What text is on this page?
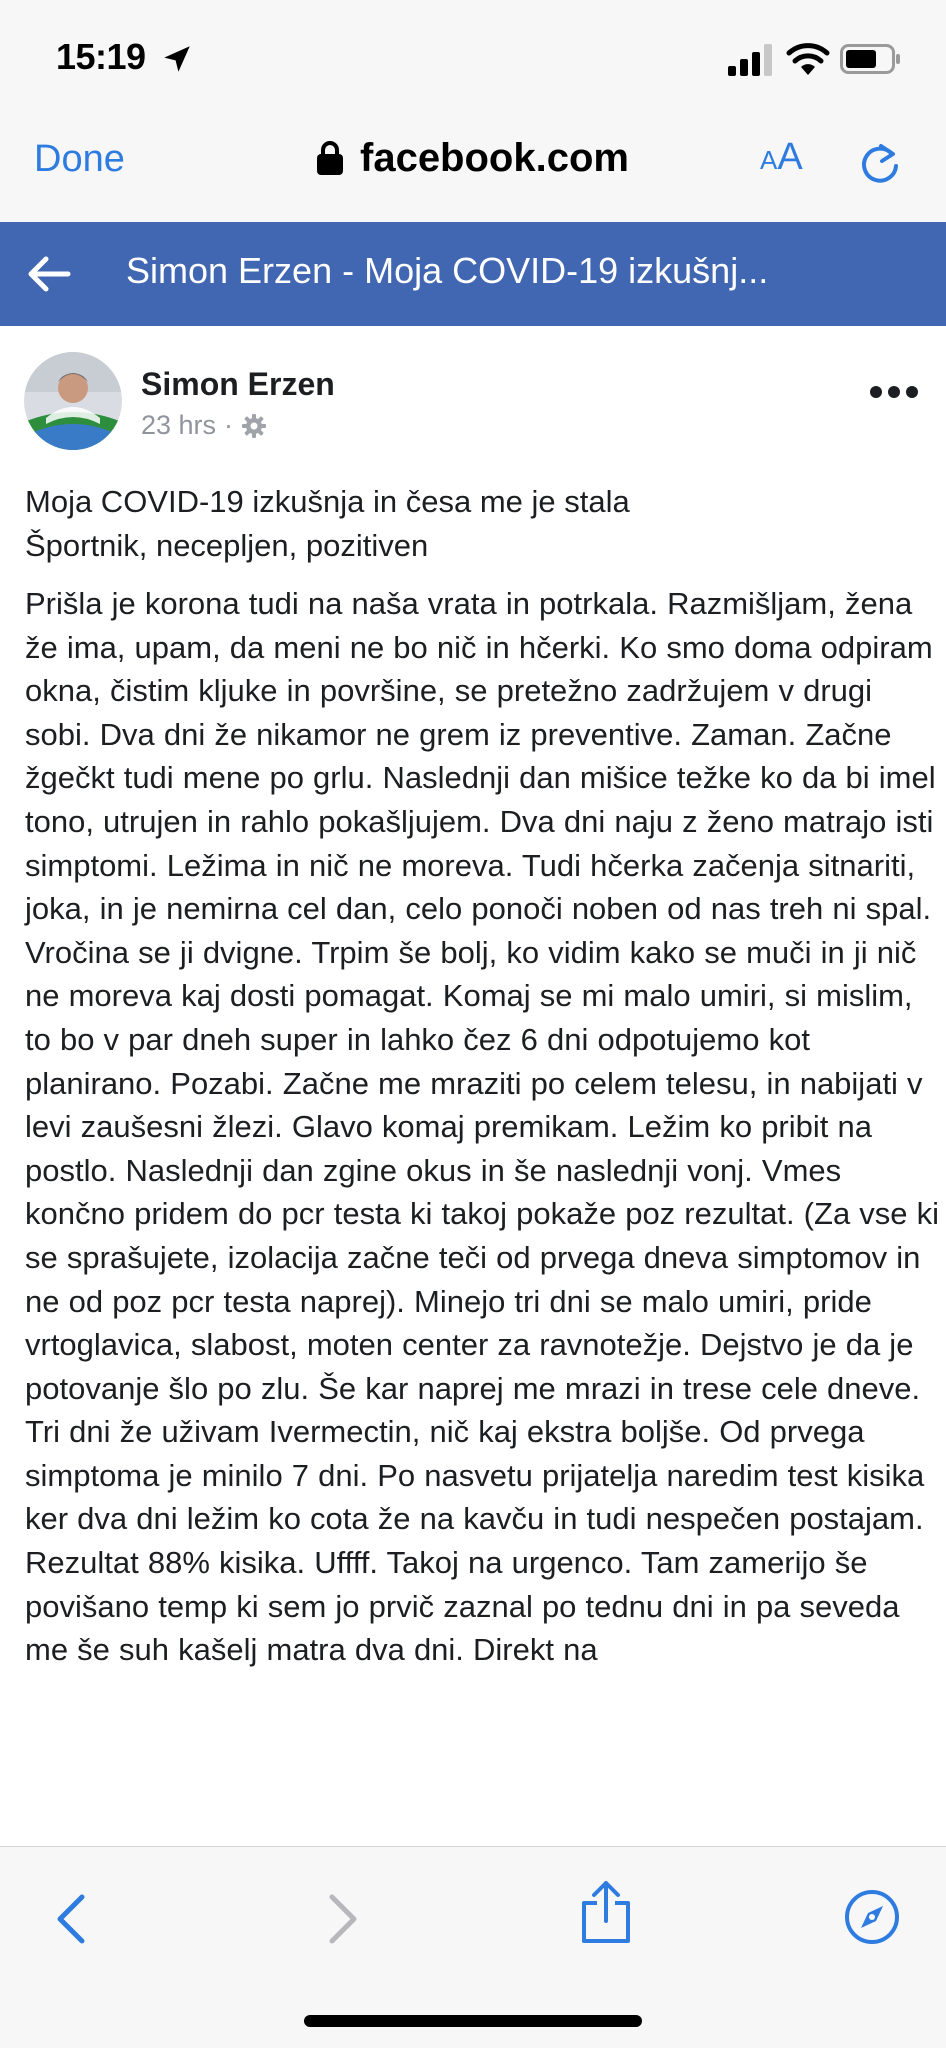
15:19
Done	facebook.com	AA
Simon Erzen - Moja COVID-19 izkušnj...
Simon Erzen
23 hrs ·
Moja COVID-19 izkušnja in česa me je stala
Športnik, necepljen, pozitiven
Prišla je korona tudi na naša vrata in potrkala. Razmišljam, žena že ima, upam, da meni ne bo nič in hčerki. Ko smo doma odpiram okna, čistim kljuke in površine, se pretežno zadržujem v drugi sobi. Dva dni že nikamor ne grem iz preventive. Zaman. Začne žgečkt tudi mene po grlu. Naslednji dan mišice težke ko da bi imel tono, utrujen in rahlo pokašljujem. Dva dni naju z ženo matrajo isti simptomi. Ležima in nič ne moreva. Tudi hčerka začenja sitnariti, joka, in je nemirna cel dan, celo ponoči noben od nas treh ni spal. Vročina se ji dvigne. Trpim še bolj, ko vidim kako se muči in ji nič ne moreva kaj dosti pomagat. Komaj se mi malo umiri, si mislim, to bo v par dneh super in lahko čez 6 dni odpotujemo kot planirano. Pozabi. Začne me mraziti po celem telesu, in nabijati v levi zaušesni žlezi. Glavo komaj premikam. Ležim ko pribit na postlo. Naslednji dan zgine okus in še naslednji vonj. Vmes končno pridem do pcr testa ki takoj pokaže poz rezultat. (Za vse ki se sprašujete, izolacija začne teči od prvega dneva simptomov in ne od poz pcr testa naprej). Minejo tri dni se malo umiri, pride vrtoglavica, slabost, moten center za ravnotežje. Dejstvo je da je potovanje šlo po zlu. Še kar naprej me mrazi in trese cele dneve. Tri dni že uživam Ivermectin, nič kaj ekstra boljše. Od prvega simptoma je minilo 7 dni. Po nasvetu prijatelja naredim test kisika ker dva dni ležim ko cota že na kavču in tudi nespečen postajam. Rezultat 88% kisika. Uffff. Takoj na urgenco. Tam zamerijo še povišano temp ki sem jo prvič zaznal po tednu dni in pa seveda me še suh kašelj matra dva dni. Direkt na
